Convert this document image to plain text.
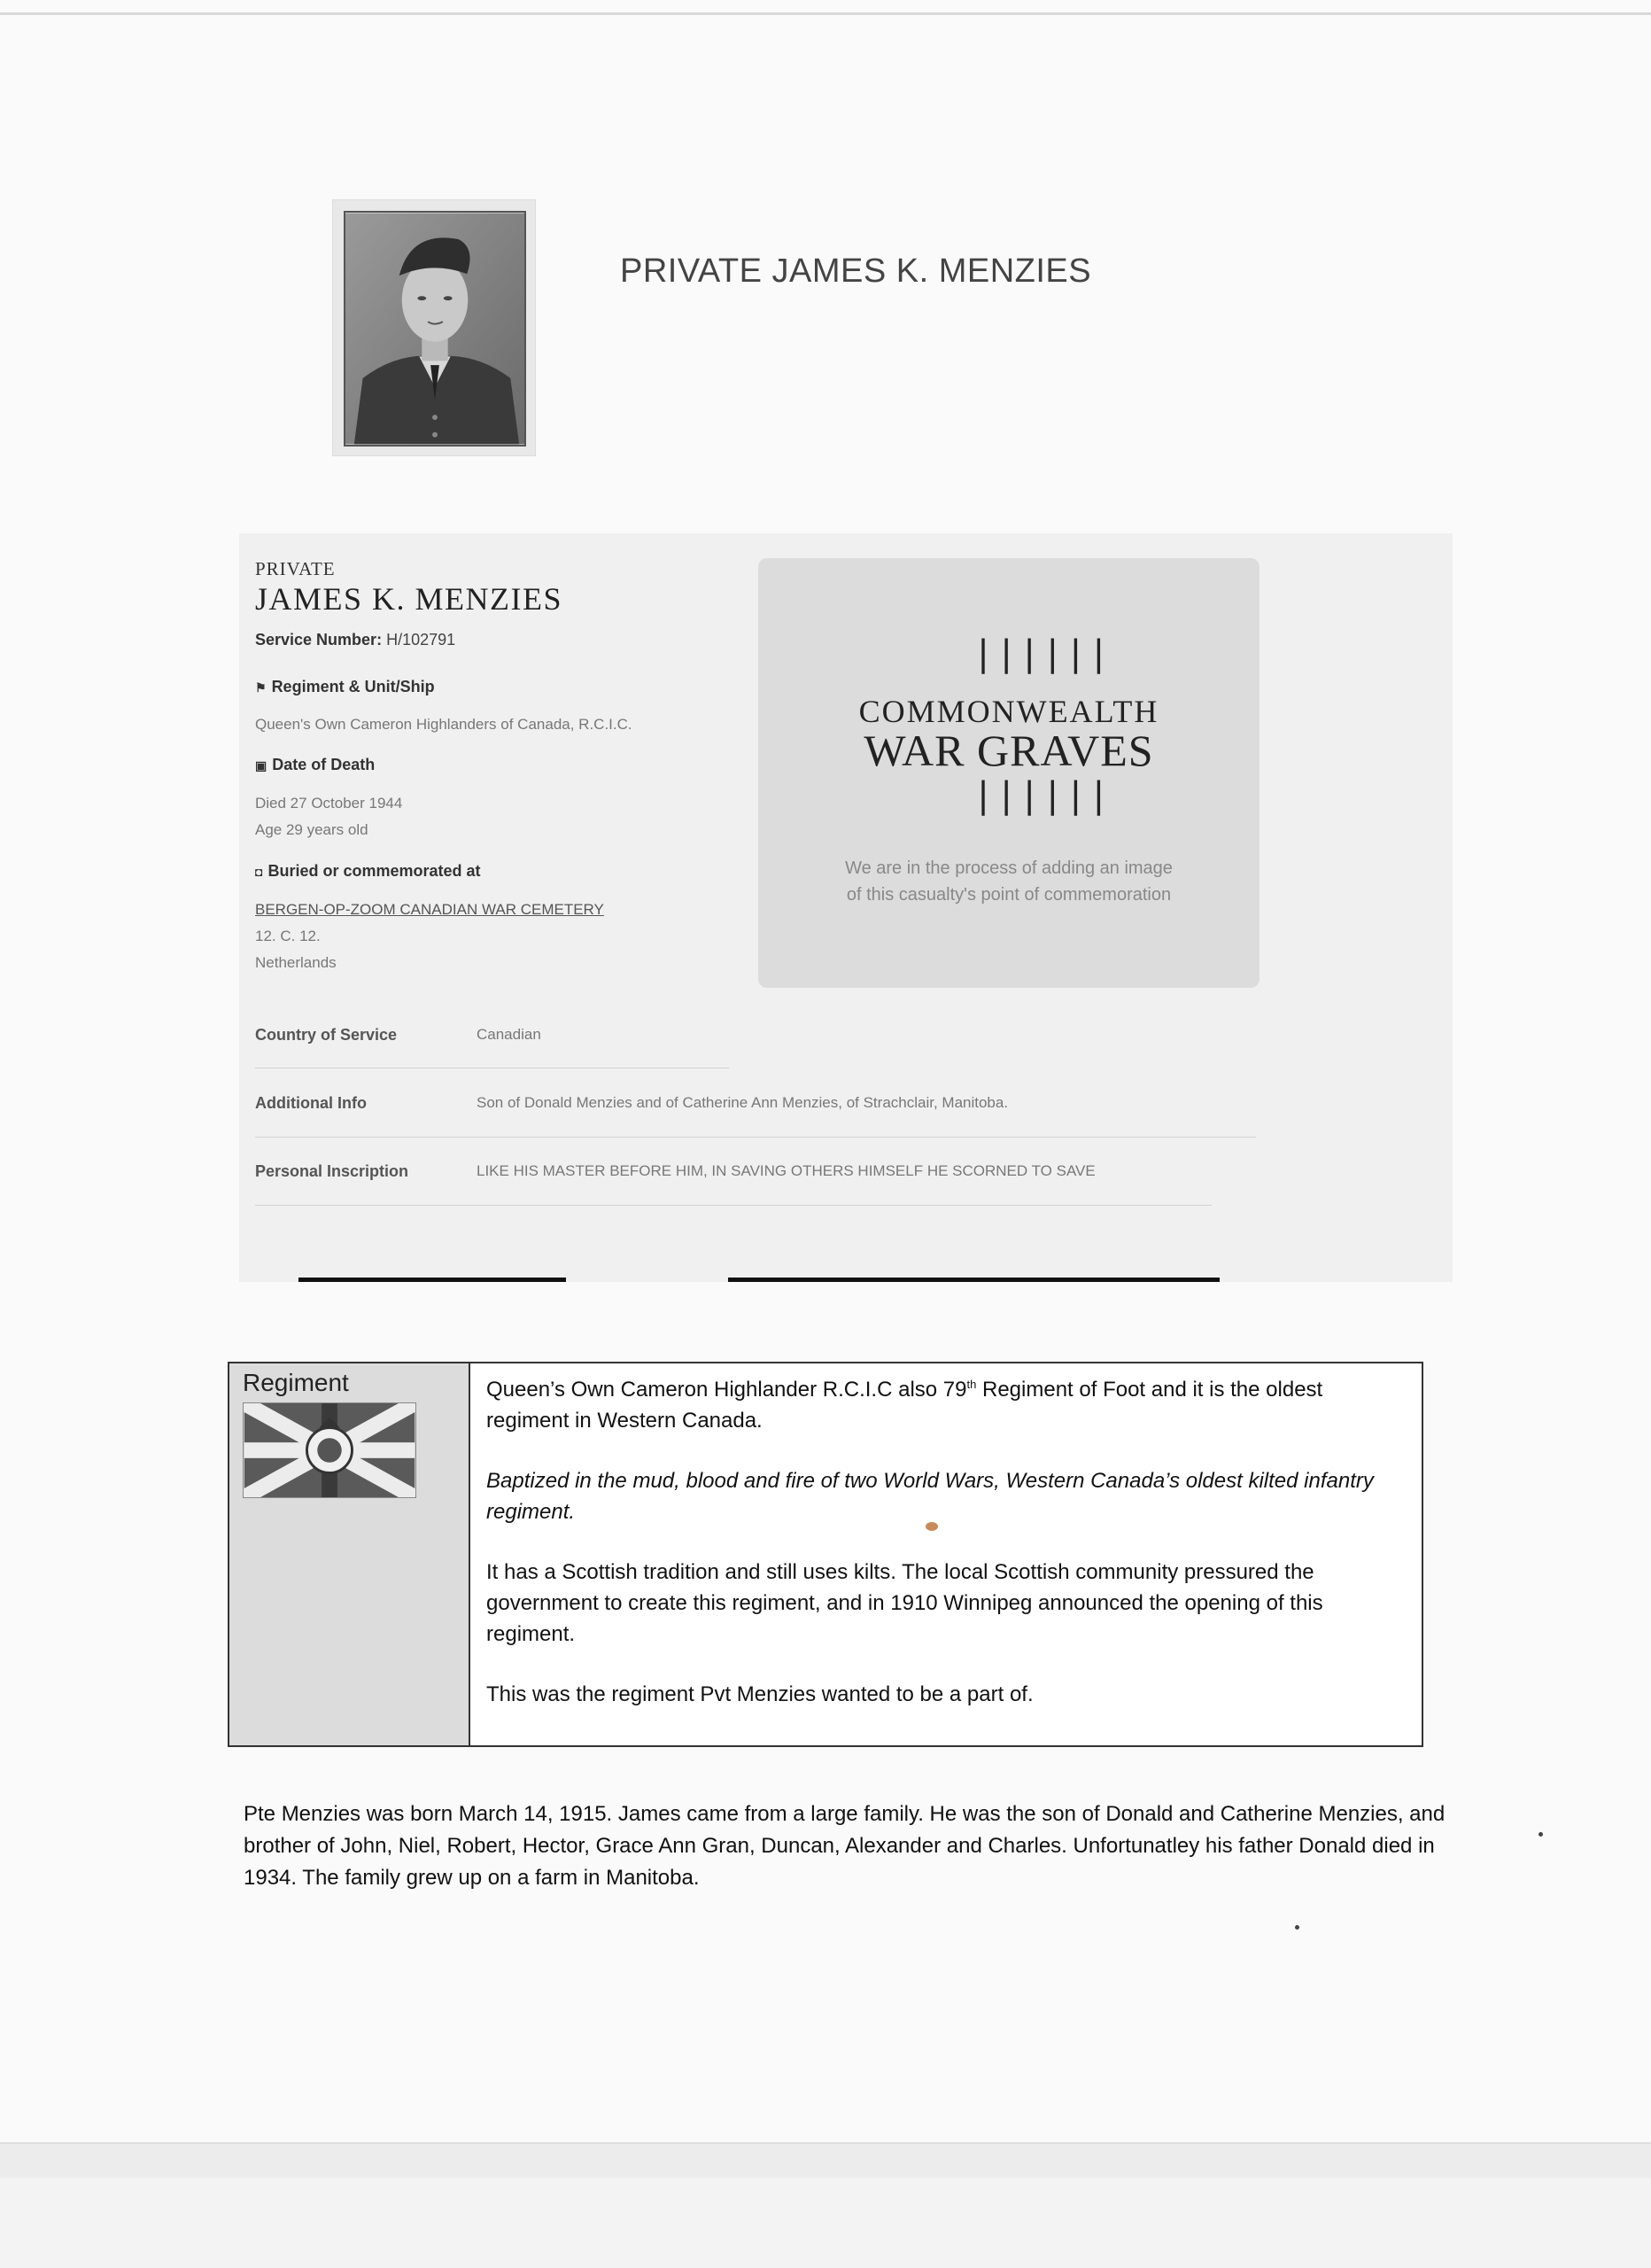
PRIVATE JAMES K. MENZIES
PRIVATE
JAMES K. MENZIES
Service Number: H/102791
⚑ Regiment & Unit/Ship
Queen's Own Cameron Highlanders of Canada, R.C.I.C.
▣ Date of Death
Died 27 October 1944
Age 29 years old
◘ Buried or commemorated at
BERGEN-OP-ZOOM CANADIAN WAR CEMETERY
12. C. 12.
Netherlands
||||||
COMMONWEALTH
WAR GRAVES
||||||
We are in the process of adding an image
of this casualty's point of commemoration
Country of Service	Canadian
Additional Info	Son of Donald Menzies and of Catherine Ann Menzies, of Strachclair, Manitoba.
Personal Inscription	LIKE HIS MASTER BEFORE HIM, IN SAVING OTHERS HIMSELF HE SCORNED TO SAVE
Regiment	Queen’s Own Cameron Highlander R.C.I.C also 79th Regiment of Foot and it is the oldest regiment in Western Canada.

Baptized in the mud, blood and fire of two World Wars, Western Canada’s oldest kilted infantry regiment.

It has a Scottish tradition and still uses kilts. The local Scottish community pressured the government to create this regiment, and in 1910 Winnipeg announced the opening of this regiment.

This was the regiment Pvt Menzies wanted to be a part of.

Pte Menzies was born March 14, 1915. James came from a large family. He was the son of Donald and Catherine Menzies, and brother of John, Niel, Robert, Hector, Grace Ann Gran, Duncan, Alexander and Charles. Unfortunatley his father Donald died in 1934. The family grew up on a farm in Manitoba.
